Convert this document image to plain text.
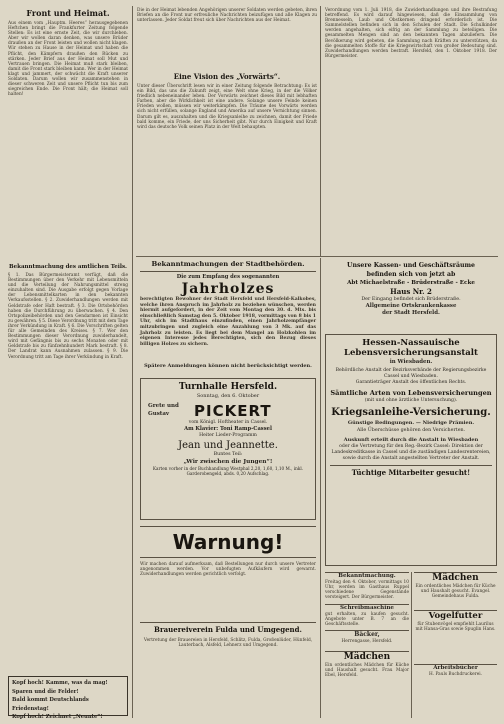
Front und Heimat.
Aus einem vom „Hauptm. Heeres“ herausgegebenen Heftchen bringt die Frankfurter Zeitung folgende Stellen: Es ist eine ernste Zeit, die wir durchleben. Aber wir wollen daran denken, was unsere Brüder draußen an der Front leisten und wollen nicht klagen. Wir stehen zu Hause in der Heimat und haben die Pflicht, den Kämpfern draußen den Rücken zu stärken. Jeder Brief aus der Heimat soll Mut und Vertrauen bringen. Die Heimat muß stark bleiben, damit die Front stark bleiben kann. Wer in der Heimat klagt und jammert, der schwächt die Kraft unserer Soldaten. Darum wollen wir zusammenstehen in dieser schweren Zeit und unsere Pflicht tun bis zum siegreichen Ende. Die Front hält; die Heimat soll halten!
Bekanntmachung des amtlichen Teils.
§ 1. Das Bürgermeisteramt verfügt, daß die Bestimmungen über den Verkehr mit Lebensmitteln und die Verteilung der Nahrungsmittel streng einzuhalten sind. Die Ausgabe erfolgt gegen Vorlage der Lebensmittelkarten in den bekannten Verkaufsstellen. § 2. Zuwiderhandlungen werden mit Geldstrafe oder Haft bestraft. § 3. Die Ortsbehörden haben die Durchführung zu überwachen. § 4. Den Ortspolizeibehörden und den Gendarmen ist Einsicht zu gewähren. § 5. Diese Verordnung tritt mit dem Tage ihrer Verkündung in Kraft. § 6. Die Vorschriften gelten für alle Gemeinden des Kreises. § 7. Wer den Bestimmungen dieser Verordnung zuwiderhandelt, wird mit Gefängnis bis zu sechs Monaten oder mit Geldstrafe bis zu fünfzehnhundert Mark bestraft. § 8. Der Landrat kann Ausnahmen zulassen. § 9. Die Verordnung tritt am Tage ihrer Verkündung in Kraft.
Kopf hoch! Kamme, was da mag!
Sparen und die Felder!
Bald kommt Deutschlands Friedenstag!
Kopf hoch! Zeichnet „Neunte“!
Die in der Heimat lebenden Angehörigen unserer Soldaten werden gebeten, ihren Briefen an die Front nur erfreuliche Nachrichten beizufügen und alle Klagen zu unterlassen. Jeder Soldat freut sich über Nachrichten aus der Heimat.
Eine Vision des „Vorwärts“.
Unter dieser Überschrift lesen wir in einer Zeitung folgende Betrachtung: Es ist ein Bild, das uns die Zukunft zeigt, eine Welt ohne Krieg, in der die Völker friedlich nebeneinander leben. Der Vorwärts zeichnet dieses Bild mit lebhaften Farben, aber die Wirklichkeit ist eine andere. Solange unsere Feinde keinen Frieden wollen, müssen wir weiterkämpfen. Die Träume des Vorwärts werden sich nicht erfüllen, solange England und Amerika auf unsere Vernichtung sinnen. Darum gilt es, auszuhalten und die Kriegsanleihe zu zeichnen, damit der Friede bald komme, ein Friede, der uns Sicherheit gibt. Nur durch Einigkeit und Kraft wird das deutsche Volk seinen Platz in der Welt behaupten.
Verordnung vom 1. Juli 1918, die Zuwiderhandlungen und ihre Bestrafung betreffend. Es wird darauf hingewiesen, daß die Einsammlung von Brennesseln, Laub und Obstkernen dringend erforderlich ist. Die Sammelstellen befinden sich in den Schulen der Stadt. Die Schulkinder werden angehalten, sich eifrig an der Sammlung zu beteiligen. Die gesammelten Mengen sind an den bekannten Tagen abzuliefern. Die Bevölkerung wird gebeten, die Sammlung nach Kräften zu unterstützen, da die gesammelten Stoffe für die Kriegswirtschaft von großer Bedeutung sind. Zuwiderhandlungen werden bestraft. Hersfeld, den 1. Oktober 1918. Der Bürgermeister.
Bekanntmachungen der Stadtbehörden.
Die zum Empfang des sogenannten
Jahrholzes
berechtigten Bewohner der Stadt Hersfeld und Hersfeld-Kalkobes, welche ihren Anspruch im Jahrholz zu beziehen wünschen, werden hiermit aufgefordert, in der Zeit vom Montag den 30. d. Mts. bis einschließlich Samstag den 5. Oktober 1918, vormittags von 8 bis 1 Uhr, sich im Stadthaus einzufinden, einen Jahrholzempfänger mitzubringen und zugleich eine Anzahlung von 3 Mk. auf das Jahrholz zu leisten. Es liegt bei dem Mangel an Holzkohlen im eigenen Interesse jedes Berechtigten, sich den Bezug dieses billigen Holzes zu sichern.
Spätere Anmeldungen können nicht berücksichtigt werden.
Turnhalle Hersfeld.
Sonntag, den 6. Oktober
Grete und Gustav	PICKERT
vom Königl. Hoftheater in Cassel.
Am Klavier: Toni Ramp-Cassel
Heiter Lieder-Programm
Jean und Jeannette.
Buntes Teil:
„Wir zwischen die Jungen“!
Karten vorher in der Buchhandlung Westphal 2,20, 1,60, 1,10 M., inkl. Garderobengeld, abds. 0,20 Aufschlag.
Warnung!
Wir machen darauf aufmerksam, daß Bestellungen nur durch unsere Vertreter angenommen werden. Vor unbefugten Aufkäufern wird gewarnt. Zuwiderhandlungen werden gerichtlich verfolgt.
Brauereiverein Fulda und Umgegend.
Vertretung der Brauereien in Hersfeld, Schlitz, Fulda, Großenlüder, Hünfeld, Lauterbach, Alsfeld, Lehnerz und Umgegend.
Unsere Kassen- und Geschäftsräume
befinden sich von jetzt ab
Abt Michaelstraße - Brüderstraße - Ecke
Haus Nr. 2
Der Eingang befindet sich Brüderstraße.
Allgemeine Ortskrankenkasse
der Stadt Hersfeld.
Hessen-Nassauische
Lebensversicherungsanstalt
in Wiesbaden.
Behördliche Anstalt der Bezirksverbände der Regierungsbezirke Cassel und Wiesbaden.
Garantieträger Anstalt des öffentlichen Rechts.
Sämtliche Arten von Lebensversicherungen
(mit und ohne ärztliche Untersuchung).
Kriegsanleihe-Versicherung.
Günstige Bedingungen. — Niedrige Prämien.
Alle Überschüsse gehören den Versicherten.
Auskunft erteilt durch die Anstalt in Wiesbaden
oder die Vertretung für den Reg.-Bezirk Cassel: Direktion der Landeskreditkasse in Cassel und die zuständigen Landesrentereien, sowie durch die Anstalt angestellten Vertreter der Anstalt.
Tüchtige Mitarbeiter gesucht!
Bekanntmachung.
Freitag den 4. Oktober, vormittags 10 Uhr, werden im Gasthaus Ruppel verschiedene Gegenstände versteigert. Der Bürgermeister.
Schreibmaschine
gut erhalten, zu kaufen gesucht. Angebote unter B. 7 an die Geschäftsstelle.
Bäcker,
Herrengasse, Hersfeld.
Mädchen
Ein ordentliches Mädchen für Küche und Haushalt gesucht. Frau Major Ebel, Hersfeld.
Mädchen
Ein ordentliches Mädchen für Küche und Haushalt gesucht. Evangel. Gemeindehaus Fulda.
Vogelfutter
für Stubenvögel empfiehlt Laurilus mit Hansa-Gras sowie Spuglin Hans.
Arbeitsbücher
H. Pauls Buchdruckerei.
